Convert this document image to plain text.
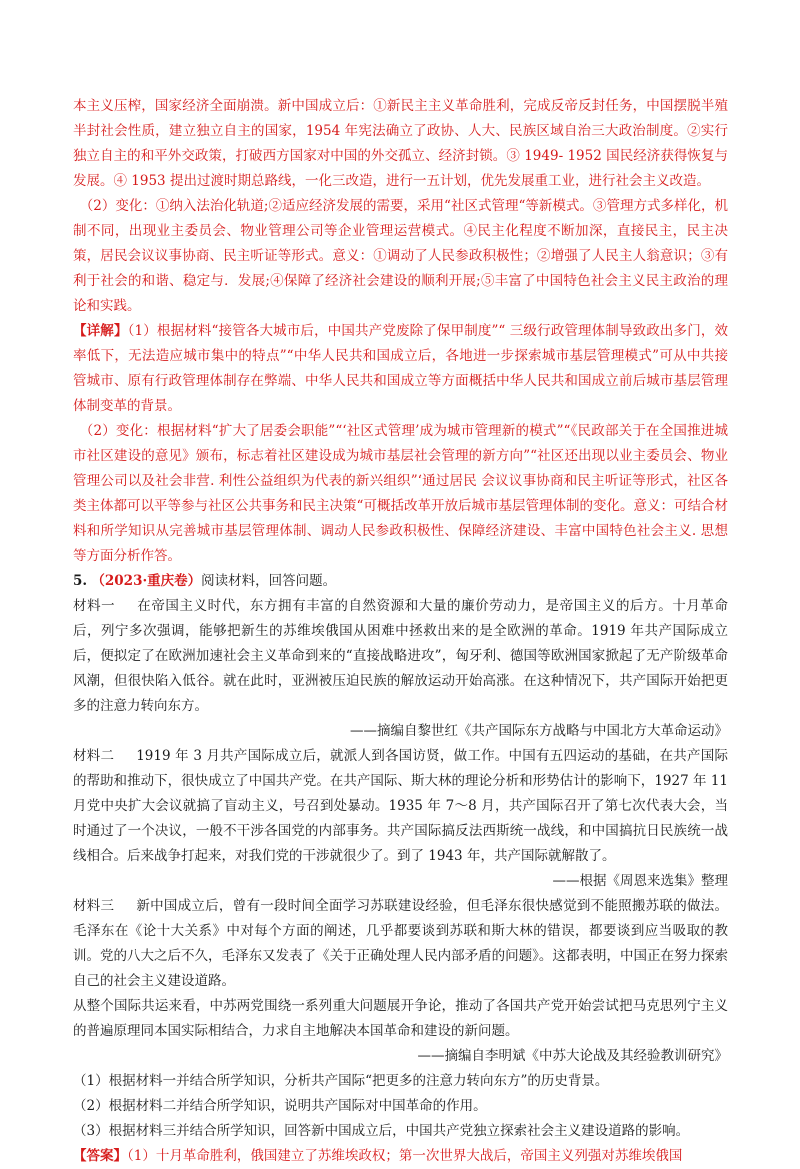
本主义压榨，国家经济全面崩溃。新中国成立后：①新民主主义革命胜利，完成反帝反封任务，中国摆脱半殖半封社会性质，建立独立自主的国家，1954 年宪法确立了政协、人大、民族区域自治三大政治制度。②实行独立自主的和平外交政策，打破西方国家对中国的外交孤立、经济封锁。③ 1949- 1952 国民经济获得恢复与发展。④ 1953 提出过渡时期总路线，一化三改造，进行一五计划，优先发展重工业，进行社会主义改造。

（2）变化：①纳入法治化轨道;②适应经济发展的需要，采用“社区式管理“等新模式。③管理方式多样化，机制不同，出现业主委员会、物业管理公司等企业管理运营模式。④民主化程度不断加深，直接民主，民主决策，居民会议议事协商、民主听证等形式。意义：①调动了人民参政积极性；②增强了人民主人翁意识；③有利于社会的和谐、稳定与．发展;④保障了经济社会建设的顺利开展;⑤丰富了中国特色社会主义民主政治的理论和实践。

【详解】（1）根据材料“接管各大城市后，中国共产党废除了保甲制度”“ 三级行政管理体制导致政出多门，效率低下，无法造应城市集中的特点”“中华人民共和国成立后，各地进一步探索城市基层管理模式”可从中共接管城市、原有行政管理体制存在弊端、中华人民共和国成立等方面概括中华人民共和国成立前后城市基层管理体制变革的背景。

（2）变化：根据材料“扩大了居委会职能”“‘社区式管理’成为城市管理新的模式”“《民政部关于在全国推进城市社区建设的意见》颁布，标志着社区建设成为城市基层社会管理的新方向”“社区还出现以业主委员会、物业管理公司以及社会非营. 利性公益组织为代表的新兴组织”‘通过居民 会议议事协商和民主听证等形式，社区各类主体都可以平等参与社区公共事务和民主决策“可概括改革开放后城市基层管理体制的变化。意义：可结合材料和所学知识从完善城市基层管理体制、调动人民参政积极性、保障经济建设、丰富中国特色社会主义. 思想等方面分析作答。

5. （2023·重庆卷）阅读材料，回答问题。

材料一 在帝国主义时代，东方拥有丰富的自然资源和大量的廉价劳动力，是帝国主义的后方。十月革命后，列宁多次强调，能够把新生的苏维埃俄国从困难中拯救出来的是全欧洲的革命。1919 年共产国际成立后，便拟定了在欧洲加速社会主义革命到来的“直接战略进攻”，匈牙利、德国等欧洲国家掀起了无产阶级革命风潮，但很快陷入低谷。就在此时，亚洲被压迫民族的解放运动开始高涨。在这种情况下，共产国际开始把更多的注意力转向东方。

——摘编自黎世红《共产国际东方战略与中国北方大革命运动》

材料二 1919 年 3 月共产国际成立后，就派人到各国访贤，做工作。中国有五四运动的基础，在共产国际的帮助和推动下，很快成立了中国共产党。在共产国际、斯大林的理论分析和形势估计的影响下，1927 年 11 月党中央扩大会议就搞了盲动主义，号召到处暴动。1935 年 7～8 月，共产国际召开了第七次代表大会，当时通过了一个决议，一般不干涉各国党的内部事务。共产国际搞反法西斯统一战线，和中国搞抗日民族统一战线相合。后来战争打起来，对我们党的干涉就很少了。到了 1943 年，共产国际就解散了。

——根据《周恩来选集》整理

材料三 新中国成立后，曾有一段时间全面学习苏联建设经验，但毛泽东很快感觉到不能照搬苏联的做法。毛泽东在《论十大关系》中对每个方面的阐述，几乎都要谈到苏联和斯大林的错误，都要谈到应当吸取的教训。党的八大之后不久，毛泽东又发表了《关于正确处理人民内部矛盾的问题》。这都表明，中国正在努力探索自己的社会主义建设道路。

从整个国际共运来看，中苏两党围绕一系列重大问题展开争论，推动了各国共产党开始尝试把马克思列宁主义的普遍原理同本国实际相结合，力求自主地解决本国革命和建设的新问题。

——摘编自李明斌《中苏大论战及其经验教训研究》

（1）根据材料一并结合所学知识，分析共产国际“把更多的注意力转向东方”的历史背景。

（2）根据材料二并结合所学知识，说明共产国际对中国革命的作用。

（3）根据材料三并结合所学知识，回答新中国成立后，中国共产党独立探索社会主义建设道路的影响。

【答案】（1）十月革命胜利，俄国建立了苏维埃政权；第一次世界大战后，帝国主义列强对苏维埃俄国
